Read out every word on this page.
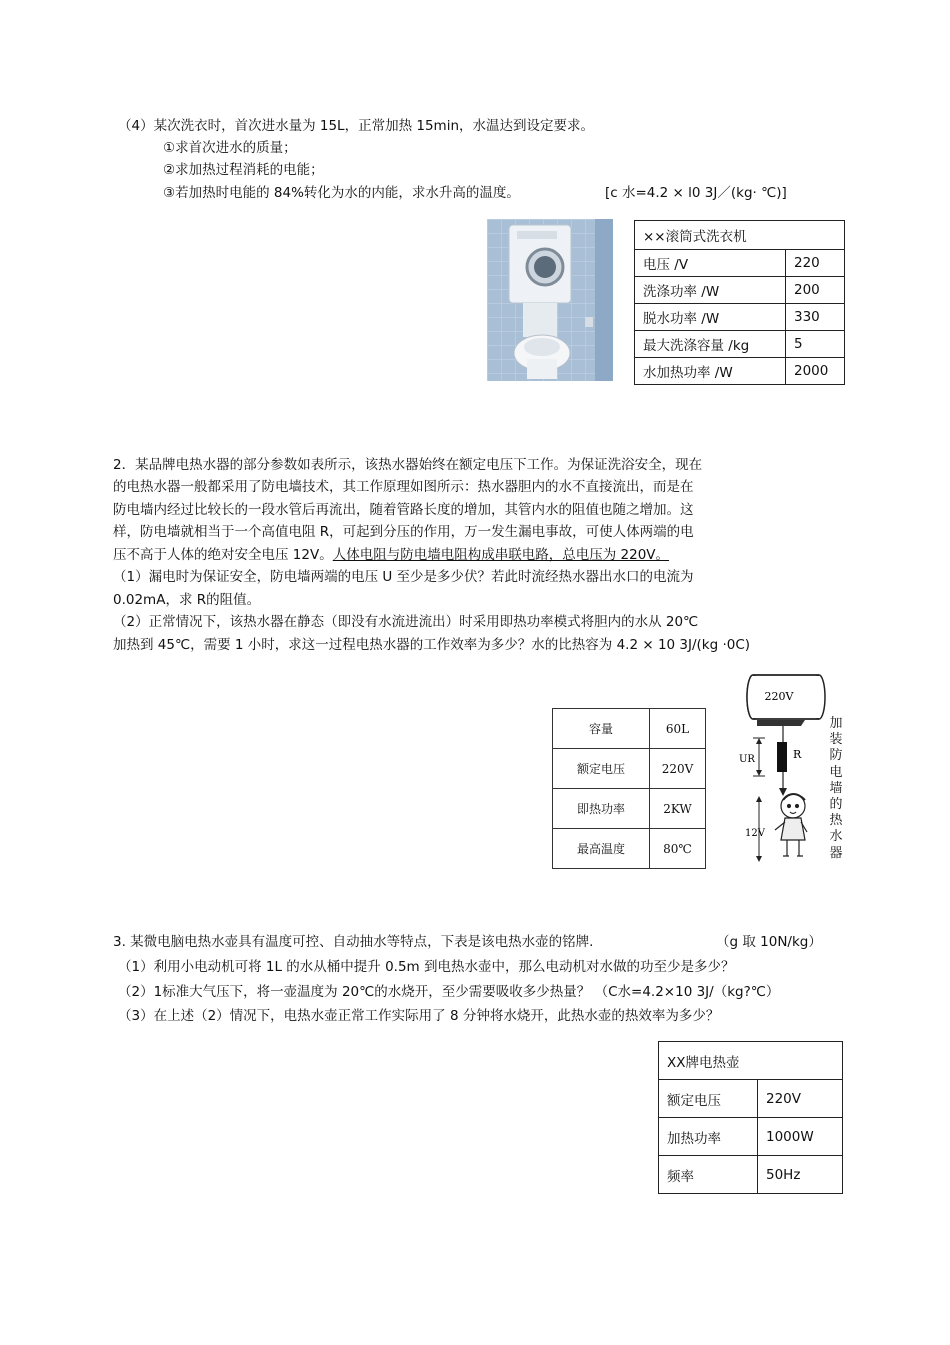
（4）某次洗衣时，首次进水量为 15L，正常加热 15min，水温达到设定要求。
①求首次进水的质量；
②求加热过程消耗的电能；
③若加热时电能的 84%转化为水的内能，求水升高的温度。	[c 水=4.2 × l0 3J／(kg· ℃)]
××滚筒式洗衣机	
电压 /V	220
洗涤功率 /W	200
脱水功率 /W	330
最大洗涤容量 /kg	5
水加热功率 /W	2000
2．某品牌电热水器的部分参数如表所示，该热水器始终在额定电压下工作。为保证洗浴安全，现在
的电热水器一般都采用了防电墙技术，其工作原理如图所示：热水器胆内的水不直接流出，而是在
防电墙内经过比较长的一段水管后再流出，随着管路长度的增加，其管内水的阻值也随之增加。这
样，防电墙就相当于一个高值电阻 R，可起到分压的作用，万一发生漏电事故，可使人体两端的电
压不高于人体的绝对安全电压 12V。人体电阻与防电墙电阻构成串联电路，总电压为 220V。
（1）漏电时为保证安全，防电墙两端的电压 U 至少是多少伏？若此时流经热水器出水口的电流为
0.02mA，求 R的阻值。
（2）正常情况下，该热水器在静态（即没有水流进流出）时采用即热功率模式将胆内的水从 20℃
加热到 45℃，需要 1 小时，求这一过程电热水器的工作效率为多少？水的比热容为 4.2 × 10 3J/(kg ·0C)
容量	60L
额定电压	220V
即热功率	2KW
最高温度	80℃
220V
R
UR
12V
加装防电墙的热水器
3. 某微电脑电热水壶具有温度可控、自动抽水等特点，下表是该电热水壶的铭牌.	（g 取 10N/kg）
（1）利用小电动机可将 1L 的水从桶中提升 0.5m 到电热水壶中，那么电动机对水做的功至少是多少？
（2）1标准大气压下，将一壶温度为 20℃的水烧开，至少需要吸收多少热量？ （C水=4.2×10 3J/（kg?℃）
（3）在上述（2）情况下，电热水壶正常工作实际用了 8 分钟将水烧开，此热水壶的热效率为多少？
XX牌电热壶	
额定电压	220V
加热功率	1000W
频率	50Hz
